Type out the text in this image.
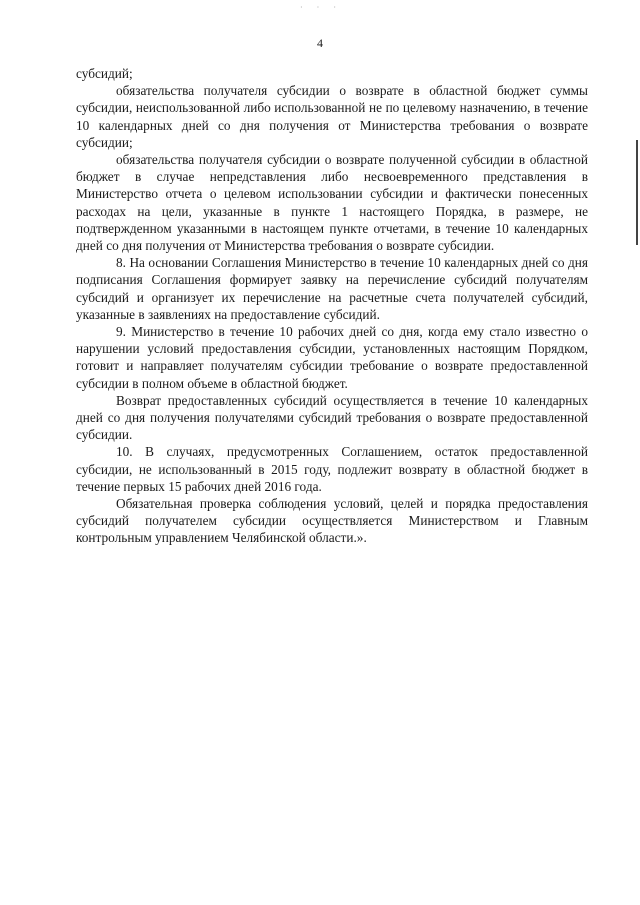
· · ·
4

субсидий;

обязательства получателя субсидии о возврате в областной бюджет суммы субсидии, неиспользованной либо использованной не по целевому назначению, в течение 10 календарных дней со дня получения от Министерства требования о возврате субсидии;

обязательства получателя субсидии о возврате полученной субсидии в областной бюджет в случае непредставления либо несвоевременного представления в Министерство отчета о целевом использовании субсидии и фактически понесенных расходах на цели, указанные в пункте 1 настоящего Порядка, в размере, не подтвержденном указанными в настоящем пункте отчетами, в течение 10 календарных дней со дня получения от Министерства требования о возврате субсидии.

8. На основании Соглашения Министерство в течение 10 календарных дней со дня подписания Соглашения формирует заявку на перечисление субсидий получателям субсидий и организует их перечисление на расчетные счета получателей субсидий, указанные в заявлениях на предоставление субсидий.

9. Министерство в течение 10 рабочих дней со дня, когда ему стало известно о нарушении условий предоставления субсидии, установленных настоящим Порядком, готовит и направляет получателям субсидии требование о возврате предоставленной субсидии в полном объеме в областной бюджет.

Возврат предоставленных субсидий осуществляется в течение 10 календарных дней со дня получения получателями субсидий требования о возврате предоставленной субсидии.

10. В случаях, предусмотренных Соглашением, остаток предоставленной субсидии, не использованный в 2015 году, подлежит возврату в областной бюджет в течение первых 15 рабочих дней 2016 года.

Обязательная проверка соблюдения условий, целей и порядка предоставления субсидий получателем субсидии осуществляется Министерством и Главным контрольным управлением Челябинской области.».
